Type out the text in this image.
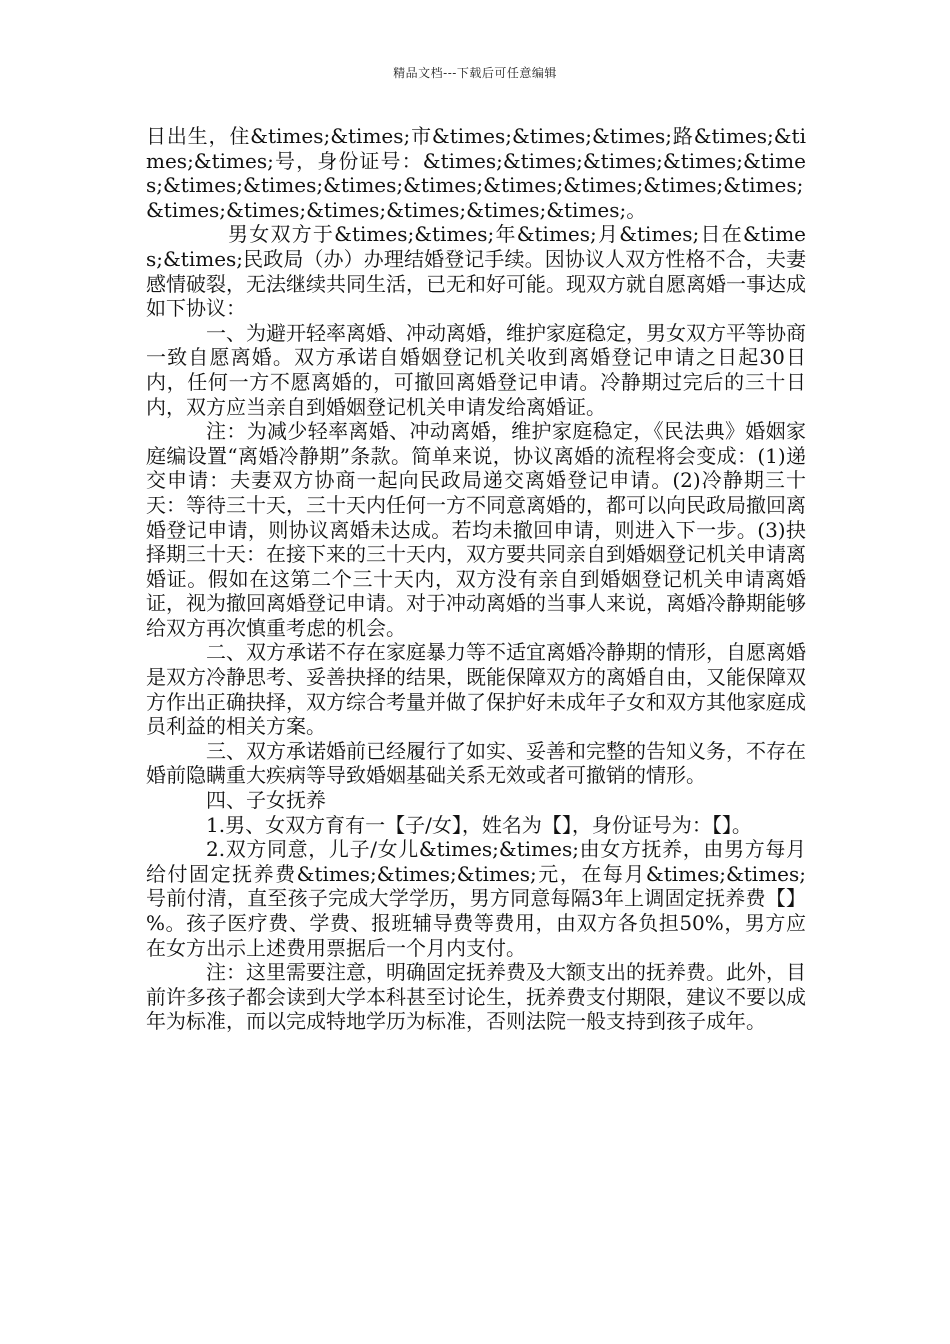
精品文档---下载后可任意编辑

日出生，住&times;&times;市&times;&times;&times;路&times;&times;&times;号，身份证号：&times;&times;&times;&times;&times;&times;&times;&times;&times;&times;&times;&times;&times;&times;&times;&times;&times;&times;&times;。

男女双方于&times;&times;年&times;月&times;日在&times;&times;民政局（办）办理结婚登记手续。因协议人双方性格不合，夫妻感情破裂，无法继续共同生活，已无和好可能。现双方就自愿离婚一事达成如下协议：

一、为避开轻率离婚、冲动离婚，维护家庭稳定，男女双方平等协商一致自愿离婚。双方承诺自婚姻登记机关收到离婚登记申请之日起30日内，任何一方不愿离婚的，可撤回离婚登记申请。冷静期过完后的三十日内，双方应当亲自到婚姻登记机关申请发给离婚证。

注：为减少轻率离婚、冲动离婚，维护家庭稳定，《民法典》婚姻家庭编设置“离婚冷静期”条款。简单来说，协议离婚的流程将会变成：(1)递交申请：夫妻双方协商一起向民政局递交离婚登记申请。(2)冷静期三十天：等待三十天，三十天内任何一方不同意离婚的，都可以向民政局撤回离婚登记申请，则协议离婚未达成。若均未撤回申请，则进入下一步。(3)抉择期三十天：在接下来的三十天内，双方要共同亲自到婚姻登记机关申请离婚证。假如在这第二个三十天内，双方没有亲自到婚姻登记机关申请离婚证，视为撤回离婚登记申请。对于冲动离婚的当事人来说，离婚冷静期能够给双方再次慎重考虑的机会。

二、双方承诺不存在家庭暴力等不适宜离婚冷静期的情形，自愿离婚是双方冷静思考、妥善抉择的结果，既能保障双方的离婚自由，又能保障双方作出正确抉择，双方综合考量并做了保护好未成年子女和双方其他家庭成员利益的相关方案。

三、双方承诺婚前已经履行了如实、妥善和完整的告知义务，不存在婚前隐瞒重大疾病等导致婚姻基础关系无效或者可撤销的情形。

四、子女抚养

1.男、女双方育有一【子/女】，姓名为【】，身份证号为：【】。

2.双方同意，儿子/女儿&times;&times;由女方抚养，由男方每月给付固定抚养费&times;&times;&times;元，在每月&times;&times;号前付清，直至孩子完成大学学历，男方同意每隔3年上调固定抚养费【】%。孩子医疗费、学费、报班辅导费等费用，由双方各负担50%，男方应在女方出示上述费用票据后一个月内支付。

注：这里需要注意，明确固定抚养费及大额支出的抚养费。此外，目前许多孩子都会读到大学本科甚至讨论生，抚养费支付期限，建议不要以成年为标准，而以完成特地学历为标准，否则法院一般支持到孩子成年。
